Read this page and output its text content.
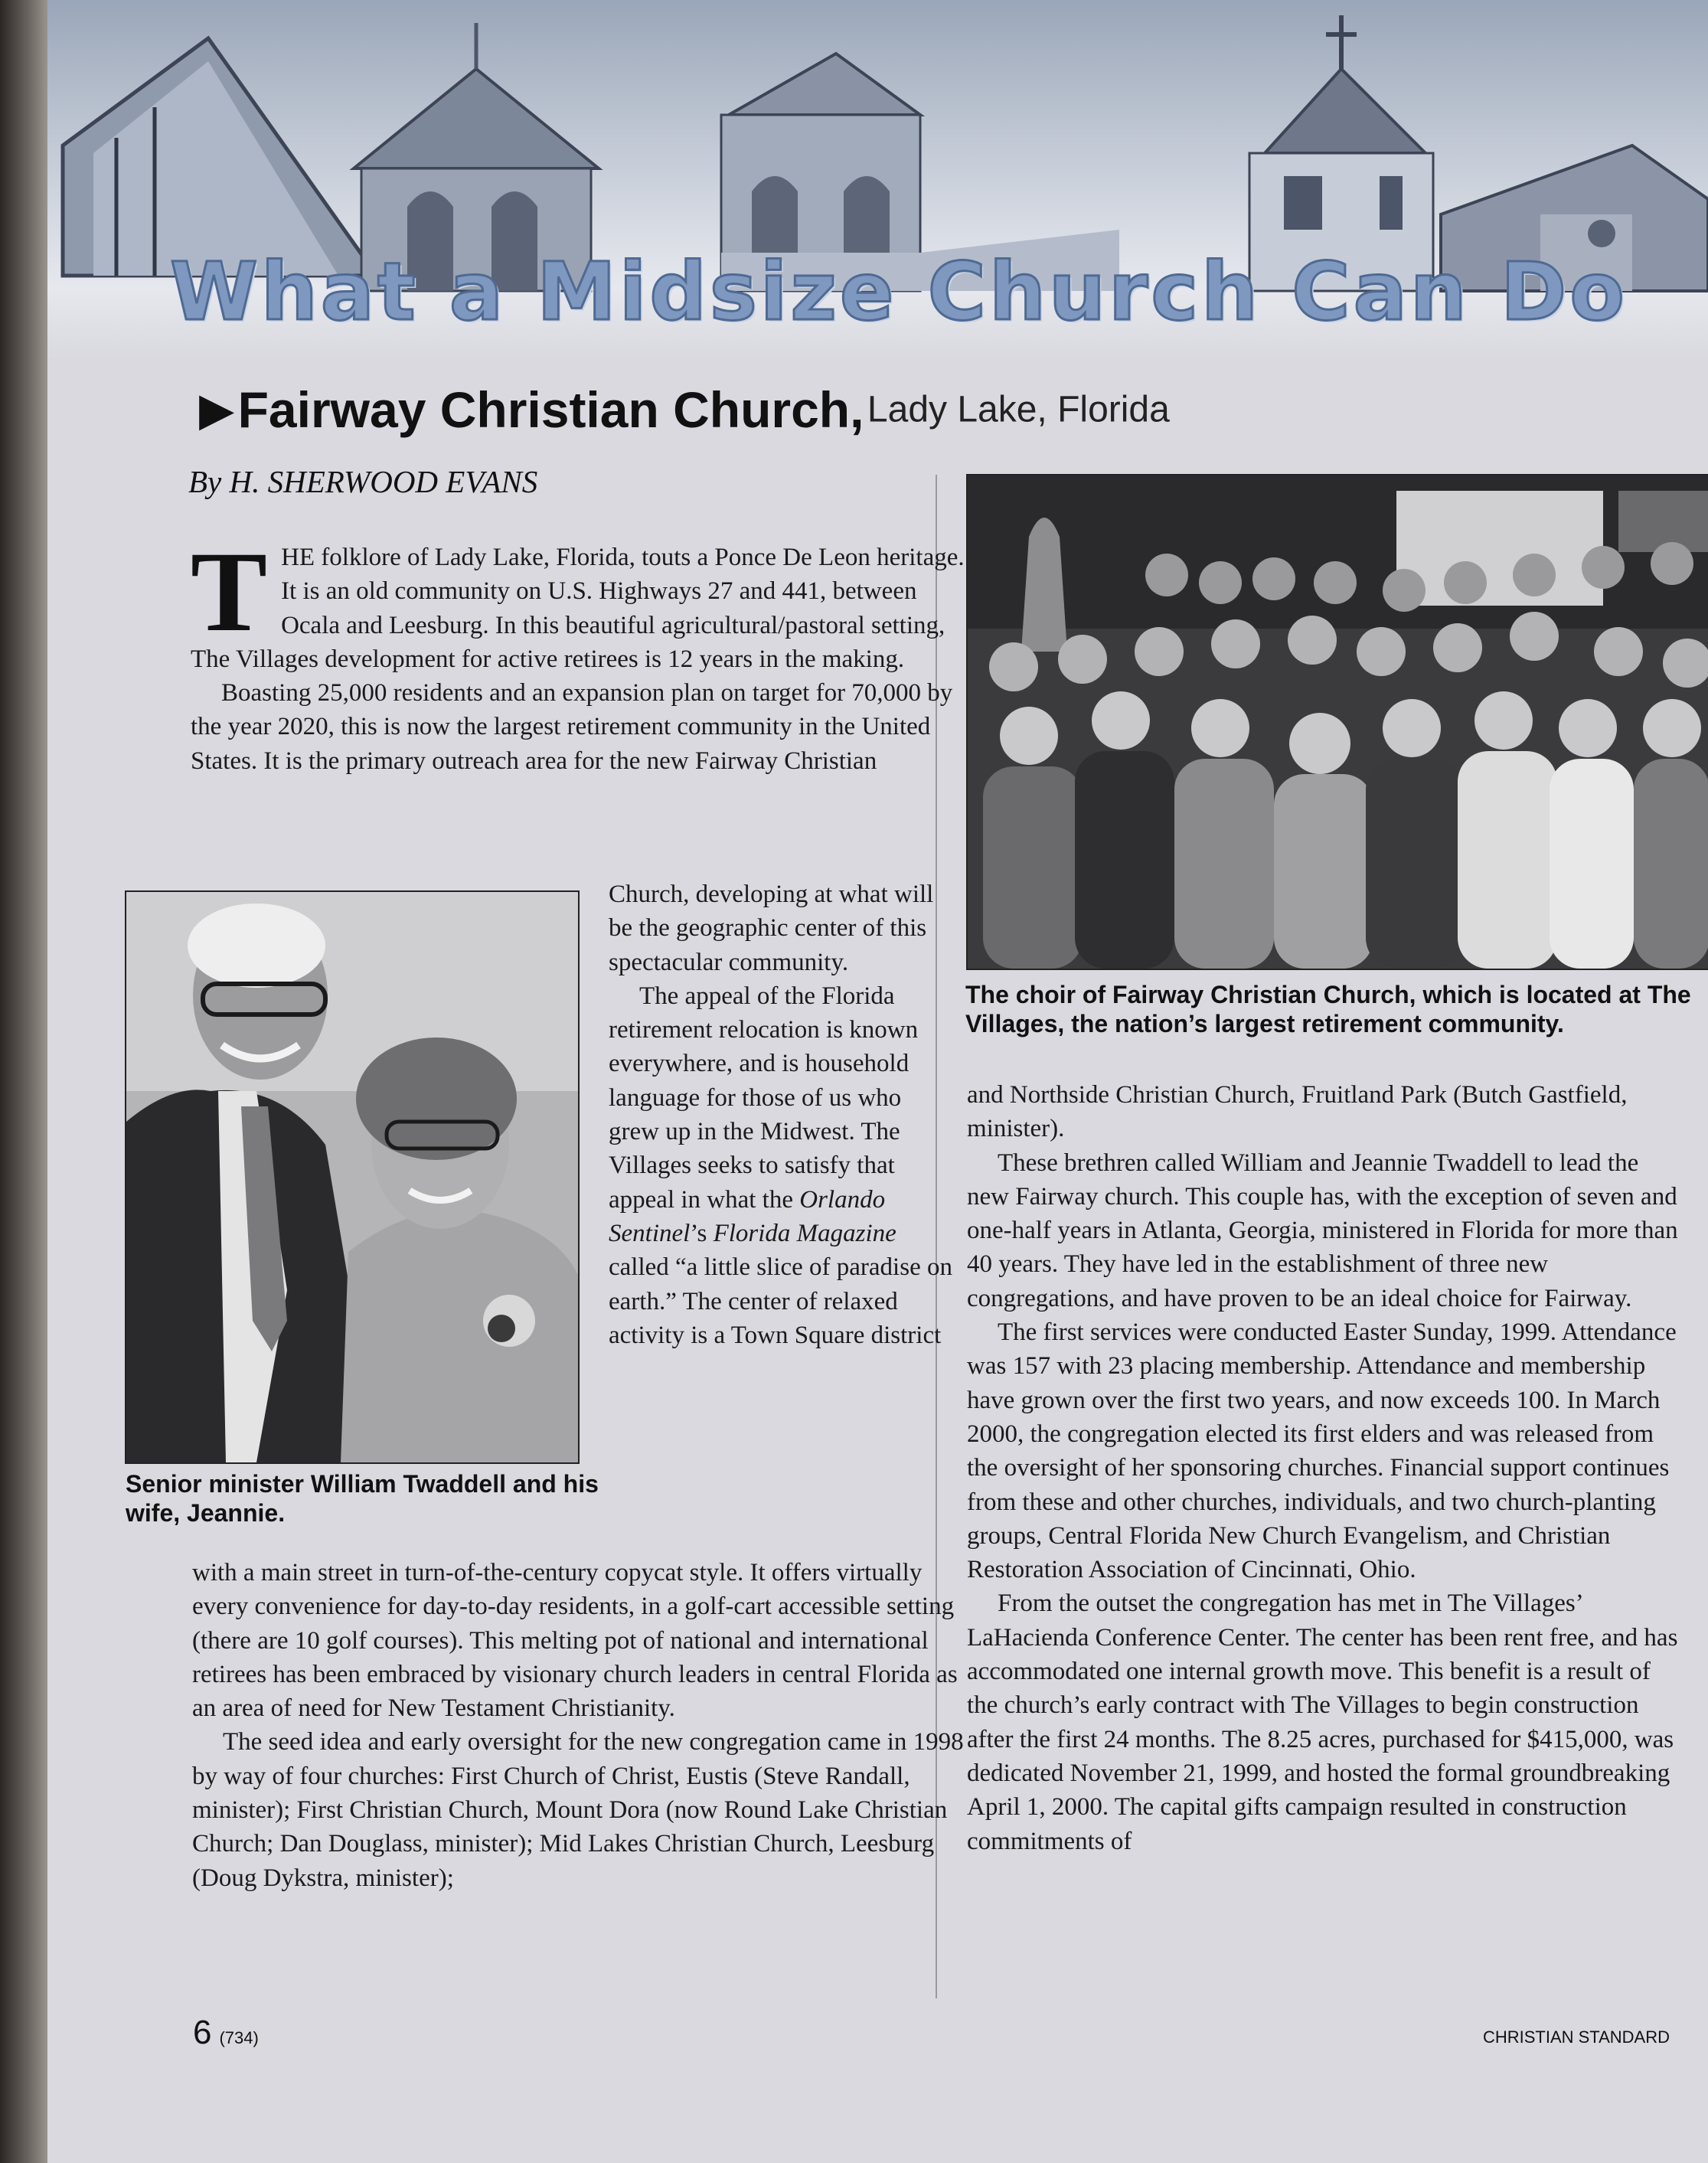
What a Midsize Church Can Do
▶ Fairway Christian Church, Lady Lake, Florida
By H. SHERWOOD EVANS
T HE folklore of Lady Lake, Florida, touts a Ponce De Leon heritage. It is an old community on U.S. Highways 27 and 441, between Ocala and Leesburg. In this beautiful agricultural/pastoral setting, The Villages development for active retirees is 12 years in the making.

Boasting 25,000 residents and an expansion plan on target for 70,000 by the year 2020, this is now the largest retirement community in the United States. It is the primary outreach area for the new Fairway Christian

Senior minister William Twaddell and his wife, Jeannie.

Church, developing at what will be the geographic center of this spectacular community.

The appeal of the Florida retirement relocation is known everywhere, and is household language for those of us who grew up in the Midwest. The Villages seeks to satisfy that appeal in what the Orlando Sentinel’s Florida Magazine called “a little slice of paradise on earth.” The center of relaxed activity is a Town Square district

with a main street in turn-of-the-century copycat style. It offers virtually every convenience for day-to-day residents, in a golf-cart accessible setting (there are 10 golf courses). This melting pot of national and international retirees has been embraced by visionary church leaders in central Florida as an area of need for New Testament Christianity.

The seed idea and early oversight for the new congregation came in 1998 by way of four churches: First Church of Christ, Eustis (Steve Randall, minister); First Christian Church, Mount Dora (now Round Lake Christian Church; Dan Douglass, minister); Mid Lakes Christian Church, Leesburg (Doug Dykstra, minister);

The choir of Fairway Christian Church, which is located at The Villages, the nation’s largest retirement community.

and Northside Christian Church, Fruitland Park (Butch Gastfield, minister).

These brethren called William and Jeannie Twaddell to lead the new Fairway church. This couple has, with the exception of seven and one-half years in Atlanta, Georgia, ministered in Florida for more than 40 years. They have led in the establishment of three new congregations, and have proven to be an ideal choice for Fairway.

The first services were conducted Easter Sunday, 1999. Attendance was 157 with 23 placing membership. Attendance and membership have grown over the first two years, and now exceeds 100. In March 2000, the congregation elected its first elders and was released from the oversight of her sponsoring churches. Financial support continues from these and other churches, individuals, and two church-planting groups, Central Florida New Church Evangelism, and Christian Restoration Association of Cincinnati, Ohio.

From the outset the congregation has met in The Villages’ LaHacienda Conference Center. The center has been rent free, and has accommodated one internal growth move. This benefit is a result of the church’s early contract with The Villages to begin construction after the first 24 months. The 8.25 acres, purchased for $415,000, was dedicated November 21, 1999, and hosted the formal groundbreaking April 1, 2000. The capital gifts campaign resulted in construction commitments of

6 (734)	CHRISTIAN STANDARD
